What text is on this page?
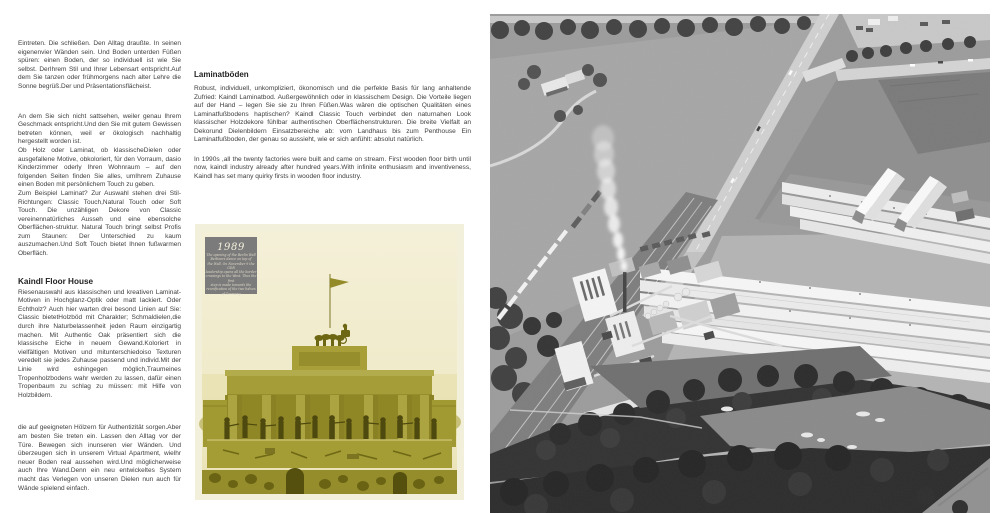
Eintreten. Die schließen. Den Alltag draußte. In seinen eigenenvier Wänden sein. Und Boden unterden Füßen spüren: einen Boden, der so individuell ist wie Sie selbst. DerIhrem Stil und Ihrer Lebensart entspricht.Auf dem Sie tanzen oder frühmorgens nach alter Lehre die Sonne begrüß.Der und Präsentationsflächeist.

An dem Sie sich nicht sattsehen, weiler genau Ihrem Geschmack entspricht.Und den Sie mit gutem Gewissen betreten können, weil er ökologisch nachhaltig hergestellt worden ist.

Ob Holz oder Laminat, ob klassischeDielen oder ausgefallene Motive, obkoloriert, für den Vorraum, dasio Kinderzimmer oderly Ihren Wohnraum – auf den folgenden Seiten finden Sie alles, umIhrem Zuhause einen Boden mit persönlichem Touch zu geben.

Zum Beispiel Laminat? Zur Auswahl stehen drei Stil-Richtungen: Classic Touch,Natural Touch oder Soft Touch. Die unzähligen Dekore von Classic vereinennatürliches Ausseh und eine ebensolche Oberflächen-struktur. Natural Touch bringt selbst Profis zum Staunen: Der Unterschied zu kaum auszumachen.Und Soft Touch bietet Ihnen fußwarmen Oberfläch.

Kaindl Floor House

Riesenauswahl aus klassischen und kreativen Laminat-Motiven in Hochglanz-Optik oder matt lackiert. Oder Echtholz? Auch hier warten drei besond Linien auf Sie: Classic bietetHolzböd mit Charakter; Schmaldielen,die durch ihre Naturbelassenheit jeden Raum einzigartig machen. Mit Authentic Oak präsentiert sich die klassische Eiche in neuem Gewand.Koloriert in vielfältigen Motiven und mitunterschiedoiso Texturen veredelt sie jedes Zuhause passend und individ.Mit der Linie wird eshingegen möglich,Traumeines Tropenholzbodens wahr werden zu lassen, dafür einen Tropenbaum zu schlag zu müssen: mit Hilfe von Holzbildern.

die auf geeigneten Hölzern für Authentizität sorgen.Aber am besten Sie treten ein. Lassen den Alltag vor der Türe. Bewegen sich inunseren vier Wänden. Und überzeugen sich in unserem Virtual Apartment, wielhr neuer Boden real aussehen wird.Und möglicherweise auch Ihre Wand.Denn ein neu entwickeltes System macht das Verlegen von unseren Dielen nun auch für Wände spielend einfach.

Laminatböden

Robust, individuell, unkompliziert, ökonomisch und die perfekte Basis für lang anhaltende Zufried: Kaindl Laminatbod. Außergewöhnlich oder in klassischem Design. Die Vorteile liegen auf der Hand – legen Sie sie zu Ihren Füßen.Was wären die optischen Qualitäten eines Laminatfußbodens haptischen? Kaindl Classic Touch verbindet den naturnahen Look klassischer Holzdekore fühlbar authentischen Oberflächenstrukturen. Die breite Vielfalt an Dekorund Dielenbildern Einsatzbereiche ab: vom Landhaus bis zum Penthouse Ein Laminatfußboden, der genau so aussieht, wie er sich anfühlt: absolut natürlich.

In 1990s ,all the twenty factories were built and came on stream. First wooden floor birth until now, kaindl industry already after hundred years.With infinite enthusiasm and inventiveness, Kaindl has set many quirky firsts in wooden floor industry.

1989
The opening of the Berlin Wall
Berliners dance on top of
the Wall. On November 9 the GDR
leadership opens all the border
crossings to the West. Thus the first
step is made towards the
reunification of the two halves
of Germany
